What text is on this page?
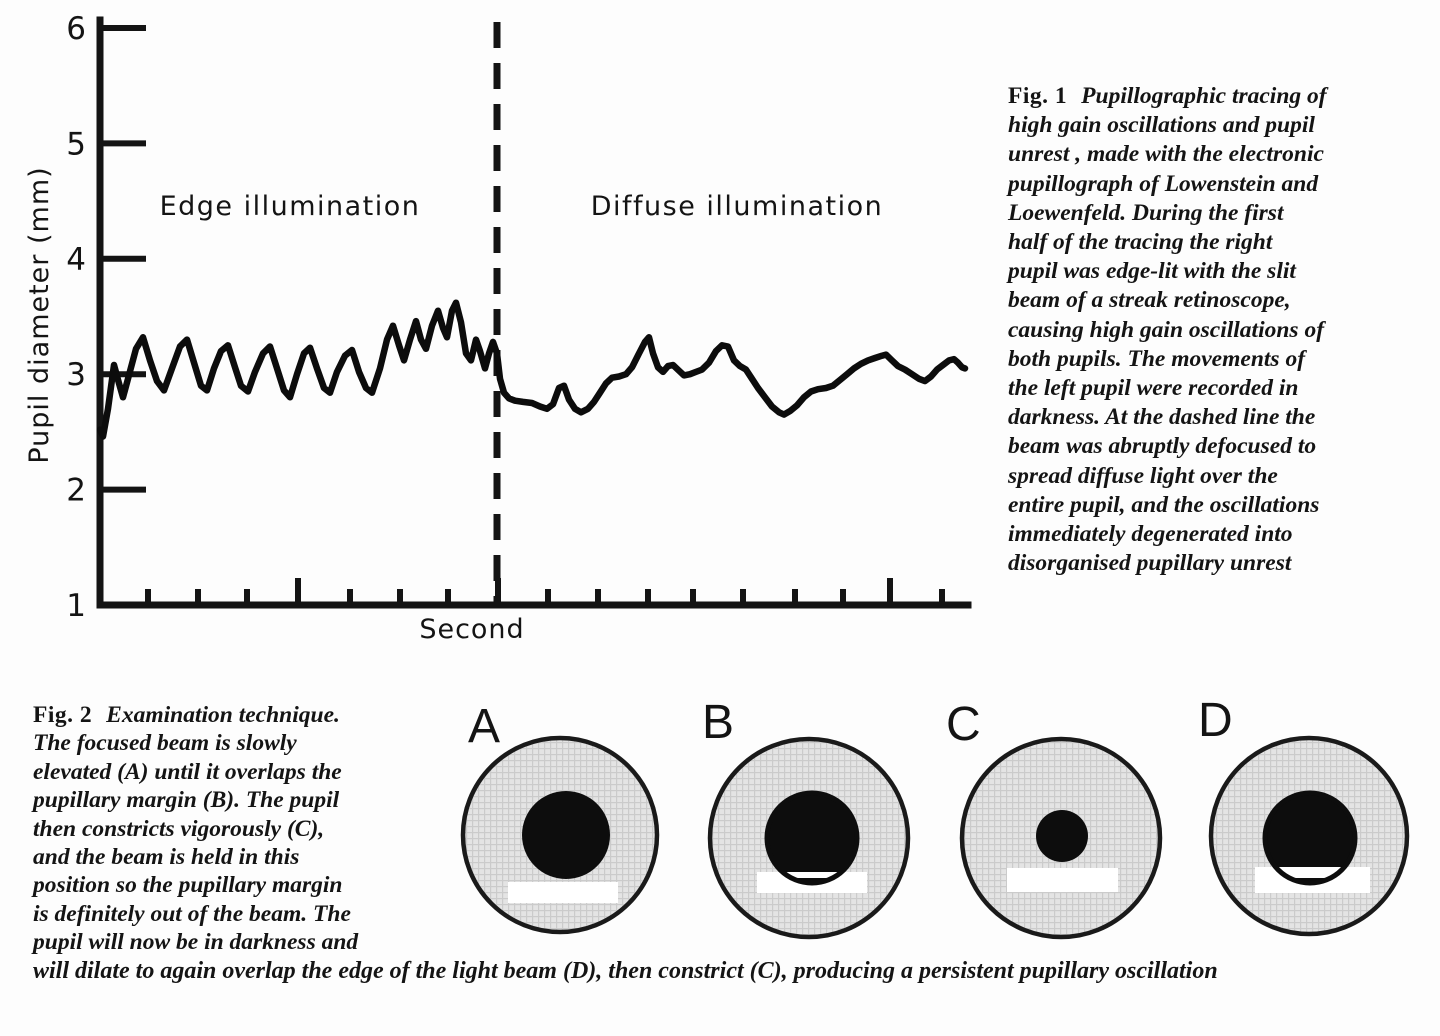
1
2
3
4
5
6
Pupil diameter (mm)
Second
Edge illumination	Diffuse illumination
Fig. 1 Pupillographic tracing of
high gain oscillations and pupil
unrest , made with the electronic
pupillograph of Lowenstein and
Loewenfeld. During the first
half of the tracing the right
pupil was edge-lit with the slit
beam of a streak retinoscope,
causing high gain oscillations of
both pupils. The movements of
the left pupil were recorded in
darkness. At the dashed line the
beam was abruptly defocused to
spread diffuse light over the
entire pupil, and the oscillations
immediately degenerated into
disorganised pupillary unrest
Fig. 2 Examination technique.
The focused beam is slowly
elevated (A) until it overlaps the
pupillary margin (B). The pupil
then constricts vigorously (C),
and the beam is held in this
position so the pupillary margin
is definitely out of the beam. The
pupil will now be in darkness and
A	B	C	D
will dilate to again overlap the edge of the light beam (D), then constrict (C), producing a persistent pupillary oscillation
